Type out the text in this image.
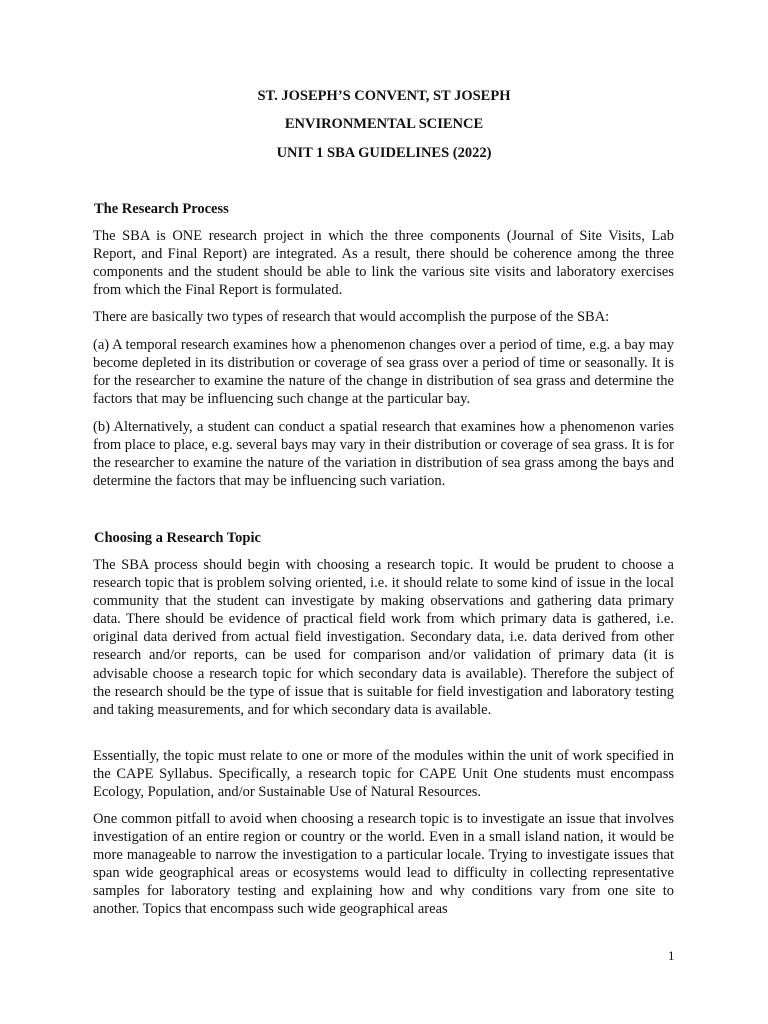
ST. JOSEPH’S CONVENT, ST JOSEPH
ENVIRONMENTAL SCIENCE
UNIT 1 SBA GUIDELINES (2022)
The Research Process

The SBA is ONE research project in which the three components (Journal of Site Visits, Lab Report, and Final Report) are integrated. As a result, there should be coherence among the three components and the student should be able to link the various site visits and laboratory exercises from which the Final Report is formulated.

There are basically two types of research that would accomplish the purpose of the SBA:

(a) A temporal research examines how a phenomenon changes over a period of time, e.g. a bay may become depleted in its distribution or coverage of sea grass over a period of time or seasonally. It is for the researcher to examine the nature of the change in distribution of sea grass and determine the factors that may be influencing such change at the particular bay.

(b) Alternatively, a student can conduct a spatial research that examines how a phenomenon varies from place to place, e.g. several bays may vary in their distribution or coverage of sea grass. It is for the researcher to examine the nature of the variation in distribution of sea grass among the bays and determine the factors that may be influencing such variation.

Choosing a Research Topic

The SBA process should begin with choosing a research topic. It would be prudent to choose a research topic that is problem solving oriented, i.e. it should relate to some kind of issue in the local community that the student can investigate by making observations and gathering data primary data. There should be evidence of practical field work from which primary data is gathered, i.e. original data derived from actual field investigation. Secondary data, i.e. data derived from other research and/or reports, can be used for comparison and/or validation of primary data (it is advisable choose a research topic for which secondary data is available). Therefore the subject of the research should be the type of issue that is suitable for field investigation and laboratory testing and taking measurements, and for which secondary data is available.

Essentially, the topic must relate to one or more of the modules within the unit of work specified in the CAPE Syllabus. Specifically, a research topic for CAPE Unit One students must encompass Ecology, Population, and/or Sustainable Use of Natural Resources.

One common pitfall to avoid when choosing a research topic is to investigate an issue that involves investigation of an entire region or country or the world. Even in a small island nation, it would be more manageable to narrow the investigation to a particular locale. Trying to investigate issues that span wide geographical areas or ecosystems would lead to difficulty in collecting representative samples for laboratory testing and explaining how and why conditions vary from one site to another. Topics that encompass such wide geographical areas

1
